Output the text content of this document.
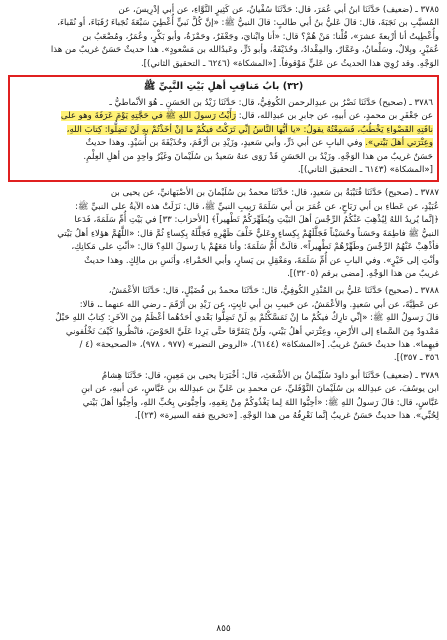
٣٧٨٥ ـ (ضعيف) حَدَّثَنَا ابنُ أبي عُمَرَ، قال: حَدَّثَنَا سُفْيانُ، عن كَثِيرٍ النَّوَّاءِ، عن أبي إدْرِيسَ، عن

المُسيَّبِ بن نَجَبَةَ، قال: قالَ عَليُّ بنُ أبي طالبٍ: قالَ النبيُّ ﷺ: «إنَّ كُلَّ نَبيٍّ أُعْطِيَ سَبْعَةَ نُجَباءَ رُقَبَاءَ، أو نُقَباءَ،

وأُعْطِيتُ أنا أرْبعةَ عشرَ»، قُلْنا: مَنْ هُمْ؟ قال: «أنا وابْنايَ، وجَعْفَرٌ، وحَمْزَةُ، وأبو بَكْرٍ، وعُمَرُ، ومُصْعَبُ بن

عُمَيْرٍ، وبِلالٌ، وسَلْمانُ، وعَمَّارٌ، والمِقْدادُ، وحُذَيْفَةُ، وأبو ذَرٍّ، وعَبدُالله بن مَسْعودٍ». هذا حديثٌ حَسَنٌ غريبٌ من هذا

الوَجْهِ. وقد رُوِيَ هذا الحديثُ عن عَليٍّ مَوْقوفاً. [«المشكاة» (٦٢٤٦ ـ التحقيق الثاني)].

(٣٢) بابُ مَناقِبِ أهلِ بَيْتِ النَّبِيِّ ﷺ

٣٧٨٦ ـ (صحيح) حَدَّثَنَا نَصْرُ بن عبدِالرحمن الكُوفِيُّ، قال: حَدَّثَنَا زَيْدُ بن الحَسَنِ ـ هُوَ الأنْماطيُّ ـ

عن جَعْفَرِ بن محمدٍ، عن أبيهِ، عن جابرِ بن عبدِالله، قال: رَأَيْتُ رَسولَ اللهِ ﷺ في حَجَّتِهِ يَوْمَ عَرَفَةَ وهو على

ناقَتِهِ القَصْواءِ يَخْطُبُ، فَسَمِعْتُهُ يقولُ: «يا أيُّها النَّاسُ إنِّي تَرَكْتُ فيكُمْ ما إنْ أخَذْتُمْ بهِ لَنْ تَضِلُّوا: كِتابَ اللهِ،

وعِتْرَتي أهلَ بَيْتي». وفي البابِ عن أبي ذَرٍّ، وأبي سَعيدٍ، وزَيْدِ بن أرْقَمَ، وحُذَيْفَةَ بن أُسَيْدٍ. وهذا حديثٌ

حَسَنٌ غريبٌ من هذا الوَجْهِ. وزَيْدُ بن الحَسَنِ قَدْ رَوَى عنهُ سَعيدُ بن سُلَيْمانَ وغَيْرُ واحِدٍ من أهلِ العِلْمِ.

[«المشكاة» (٦١٤٣ ـ التحقيق الثاني)].

٣٧٨٧ ـ (صحيح) حَدَّثَنَا قُتَيْبَةُ بن سَعيدٍ، قال: حَدَّثَنَا محمدُ بن سُلَيْمانَ بن الأصْبَهانيِّ، عن يحيى بن

عُبَيْدٍ، عن عَطاءِ بن أبي رَبَاحٍ، عن عُمَرَ بن أبي سَلَمَةَ رَبِيبِ النبيِّ ﷺ، قال: نَزَلَتْ هذه الآيةُ على النبيِّ ﷺ:

﴿إنَّما يُريدُ اللهُ لِيُذْهِبَ عَنْكُمُ الرِّجْسَ أهلَ البَيْتِ ويُطَهِّرَكُمْ تَطْهيراً﴾ [الأحزاب: ٣٣] في بَيْتِ أُمِّ سَلَمَةَ، فَدَعا

النبيُّ ﷺ فاطِمَةَ وحَسَناً وحُسَيْناً فَجَلَّلَهُمْ بِكِساءٍ وعَليٌّ خَلْفَ ظَهْرِهِ فَجَلَّلَهُ بِكِساءٍ ثُمَّ قال: «اللَّهُمَّ هؤلاءِ أهلُ بَيْتي

فأذْهِبْ عَنْهُمُ الرِّجْسَ وطَهِّرْهُمْ تَطْهيراً». قالَتْ أُمُّ سَلَمَةَ: وأنا مَعَهُمْ يا رَسولَ اللهِ؟ قال: «أنْتِ على مَكانِكِ،

وأنْتِ إلى خَيْرٍ». وفي البابِ عن أُمِّ سَلَمَةَ، ومَعْقِلِ بن يَسارٍ، وأبي الحَمْراءِ، وأنَسِ بن مالِكٍ. وهذا حديثٌ

غريبٌ من هذا الوَجْهِ. [مضى برقم (٣٢٠٥)].

٣٧٨٨ ـ (صحيح) حَدَّثَنَا عَليُّ بن المُنْذِرِ الكُوفِيُّ، قال: حَدَّثَنَا محمدُ بن فُضَيْلٍ، قال: حَدَّثَنَا الأعْمَشُ،

عن عَطِيَّةَ، عن أبي سَعيدٍ. والأعْمَشُ، عن حَبيبِ بن أبي ثابِتٍ، عن زَيْدِ بن أرْقَمَ ـ رضي الله عنهما ـ، قالا:

قالَ رَسولُ اللهِ ﷺ: «إنِّي تارِكٌ فيكُمْ ما إنْ تَمَسَّكْتُمْ بهِ لَنْ تَضِلُّوا بَعْدي أحَدُهُما أعْظَمُ مِنَ الآخَرِ: كِتابُ اللهِ حَبْلٌ

مَمْدودٌ مِنَ السَّماءِ إلى الأرْضِ، وعِتْرَتي أهلُ بَيْتي، ولَنْ يَتَفَرَّقا حتَّى يَرِدا عَلَيَّ الحَوْضَ، فانْظُروا كَيْفَ تَخْلُفوني

فيهِما». هذا حديثٌ حَسَنٌ غريبٌ. [«المشكاة» (٦١٤٤)، «الروض النضير» (٩٧٧ ، ٩٧٨)، «الصحيحة» (٤ /

٣٥٦ ـ ٣٥٧)].

٣٧٨٩ ـ (ضعيف) حَدَّثَنَا أبو داودَ سُلَيْمانُ بن الأشْعَثِ، قال: أخْبَرَنا يحيى بن مَعِينٍ، قال: حَدَّثَنَا هِشامُ

ابن يوسُفَ، عن عبدِالله بن سُلَيْمانَ النَّوْفَليِّ، عن محمدِ بن عَليِّ بن عبدِالله بن عَبَّاسٍ، عن أبيهِ، عن ابنِ

عَبَّاسٍ، قال: قالَ رَسولُ اللهِ ﷺ: «أحِبُّوا اللهَ لِما يَغْذُوكُمْ مِنْ نِعَمِهِ، وأحِبُّوني بِحُبِّ اللهِ، وأحِبُّوا أهلَ بَيْتي

لِحُبِّي». هذا حديثٌ حَسَنٌ غريبٌ إنَّما نَعْرِفُهُ من هذا الوَجْهِ. [«تخريج فقه السيرة» (٢٣)].

٨٥٥
